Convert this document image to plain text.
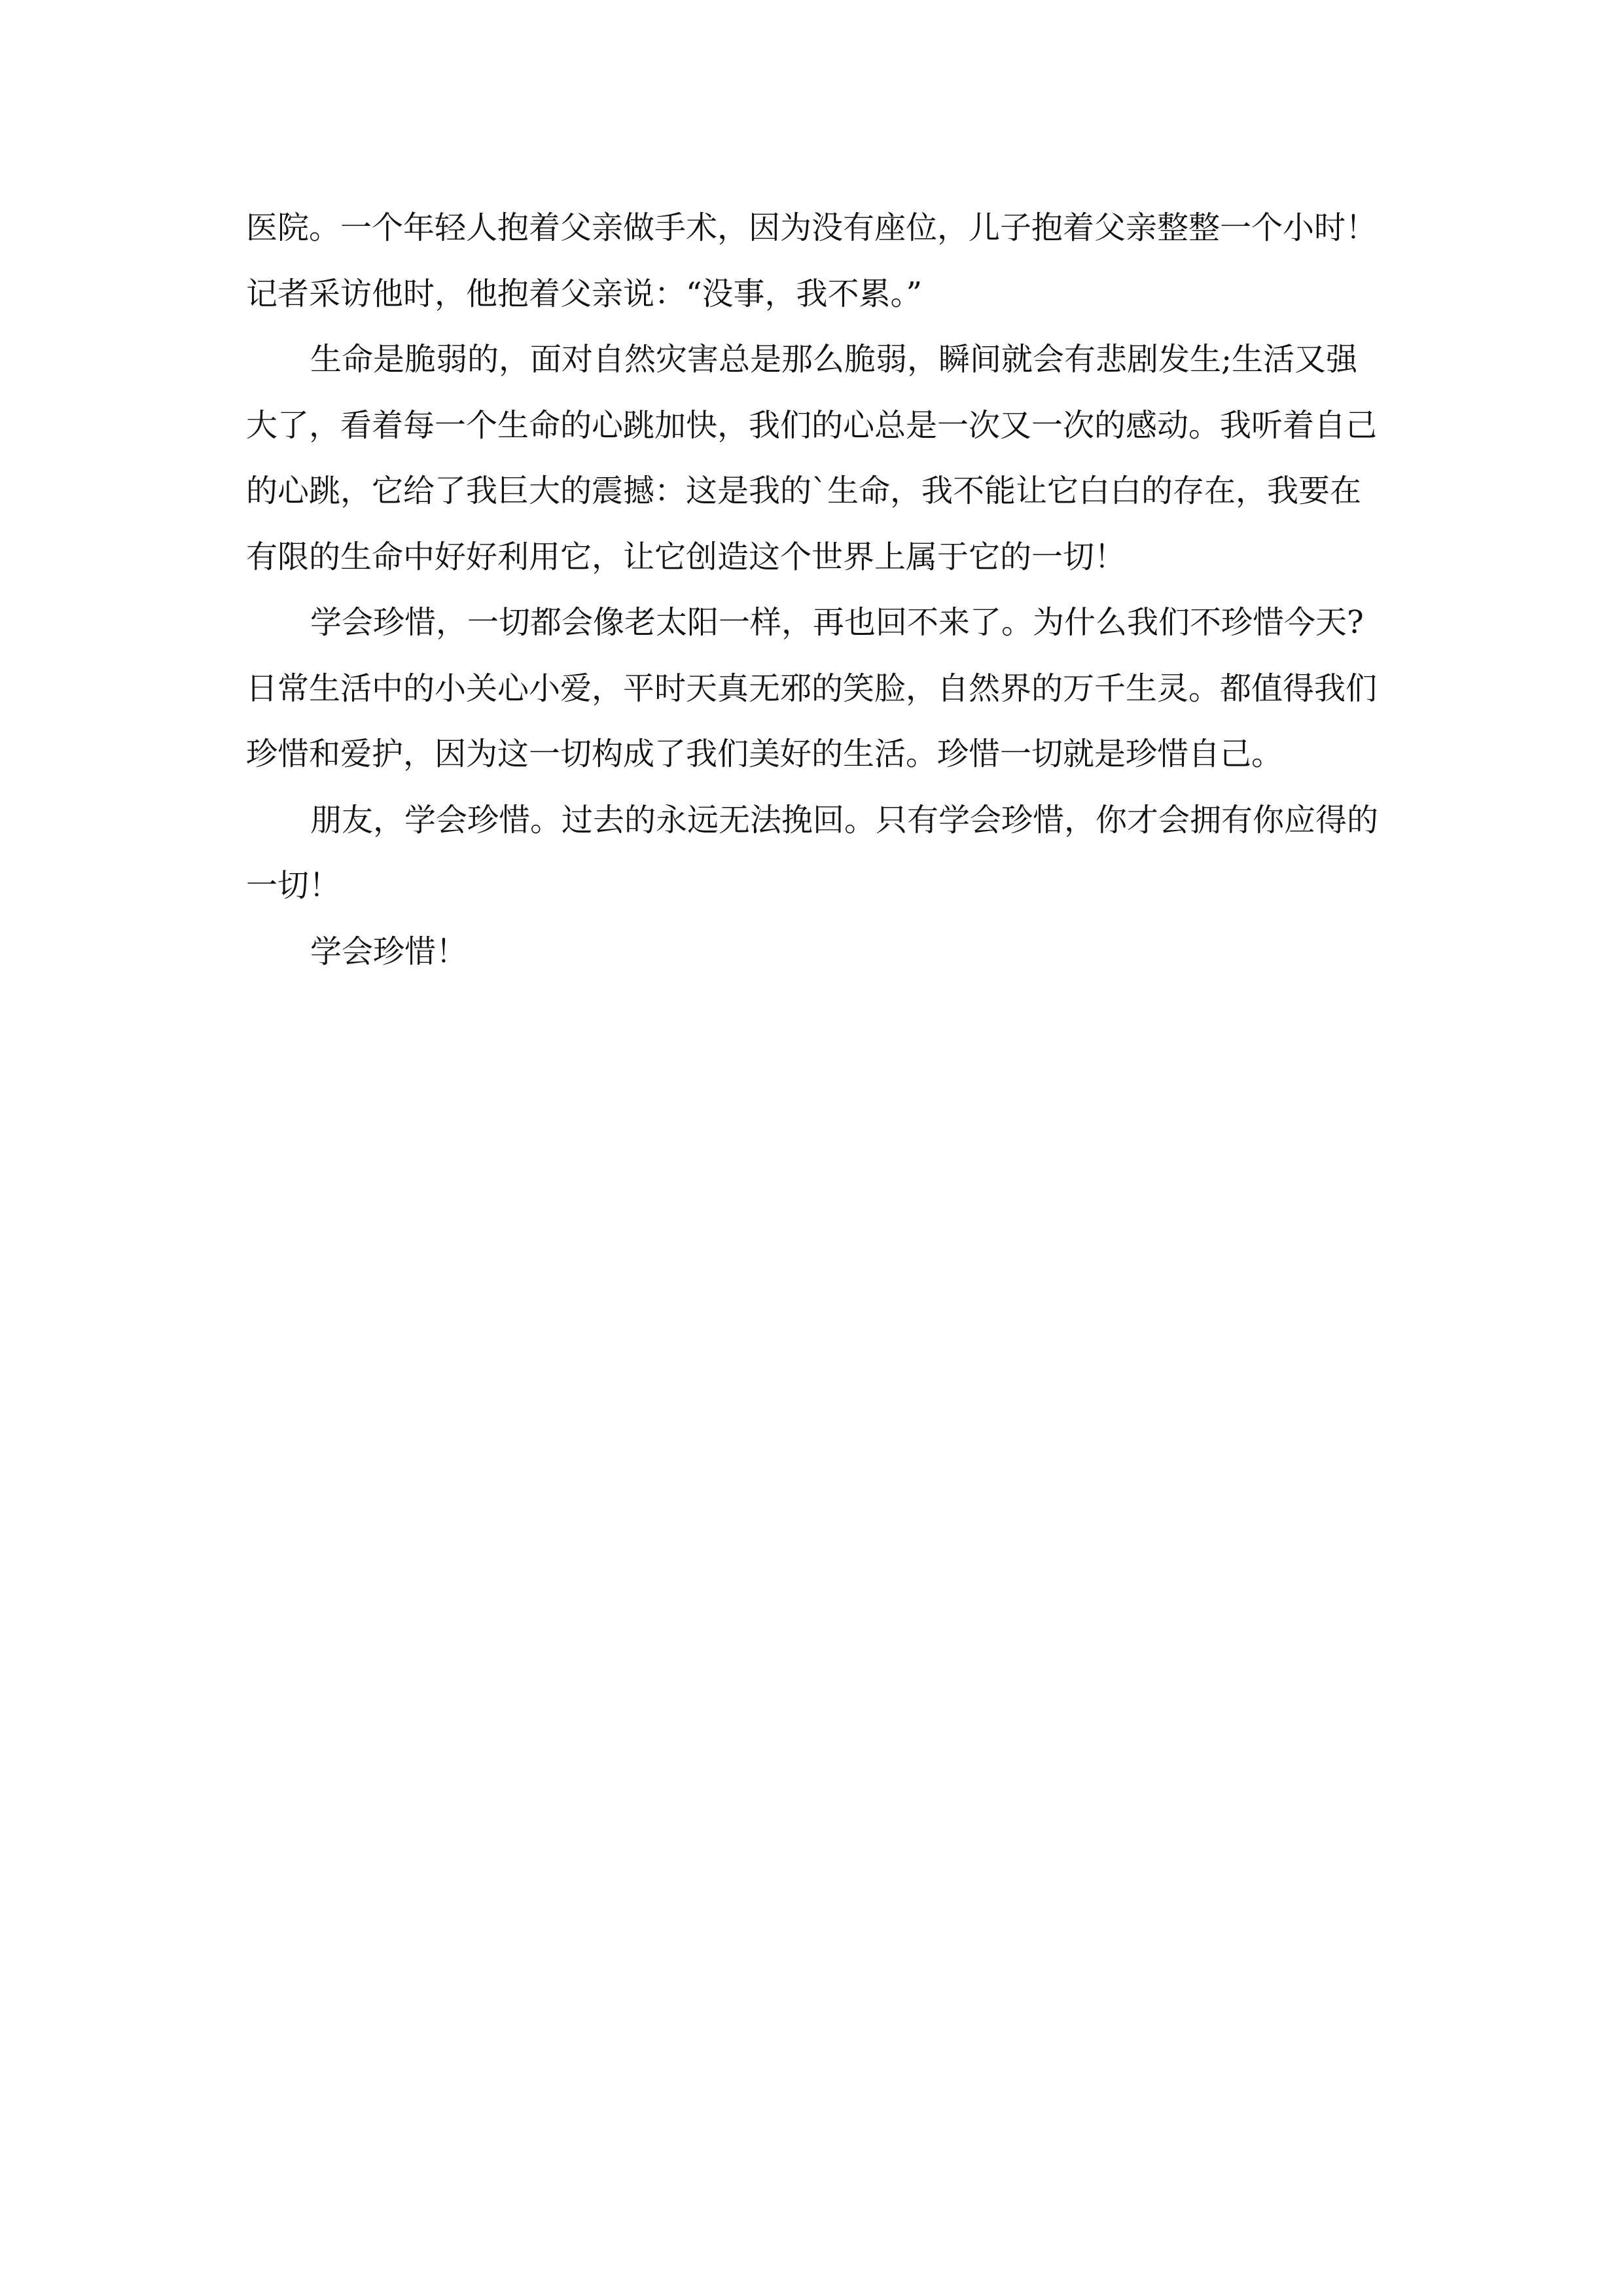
医院。一个年轻人抱着父亲做手术，因为没有座位，儿子抱着父亲整整一个小时！记者采访他时，他抱着父亲说：“没事，我不累。”

生命是脆弱的，面对自然灾害总是那么脆弱，瞬间就会有悲剧发生;生活又强大了，看着每一个生命的心跳加快，我们的心总是一次又一次的感动。我听着自己的心跳，它给了我巨大的震撼：这是我的`生命，我不能让它白白的存在，我要在有限的生命中好好利用它，让它创造这个世界上属于它的一切！

学会珍惜，一切都会像老太阳一样，再也回不来了。为什么我们不珍惜今天?日常生活中的小关心小爱，平时天真无邪的笑脸，自然界的万千生灵。都值得我们珍惜和爱护，因为这一切构成了我们美好的生活。珍惜一切就是珍惜自己。

朋友，学会珍惜。过去的永远无法挽回。只有学会珍惜，你才会拥有你应得的一切！

学会珍惜！
